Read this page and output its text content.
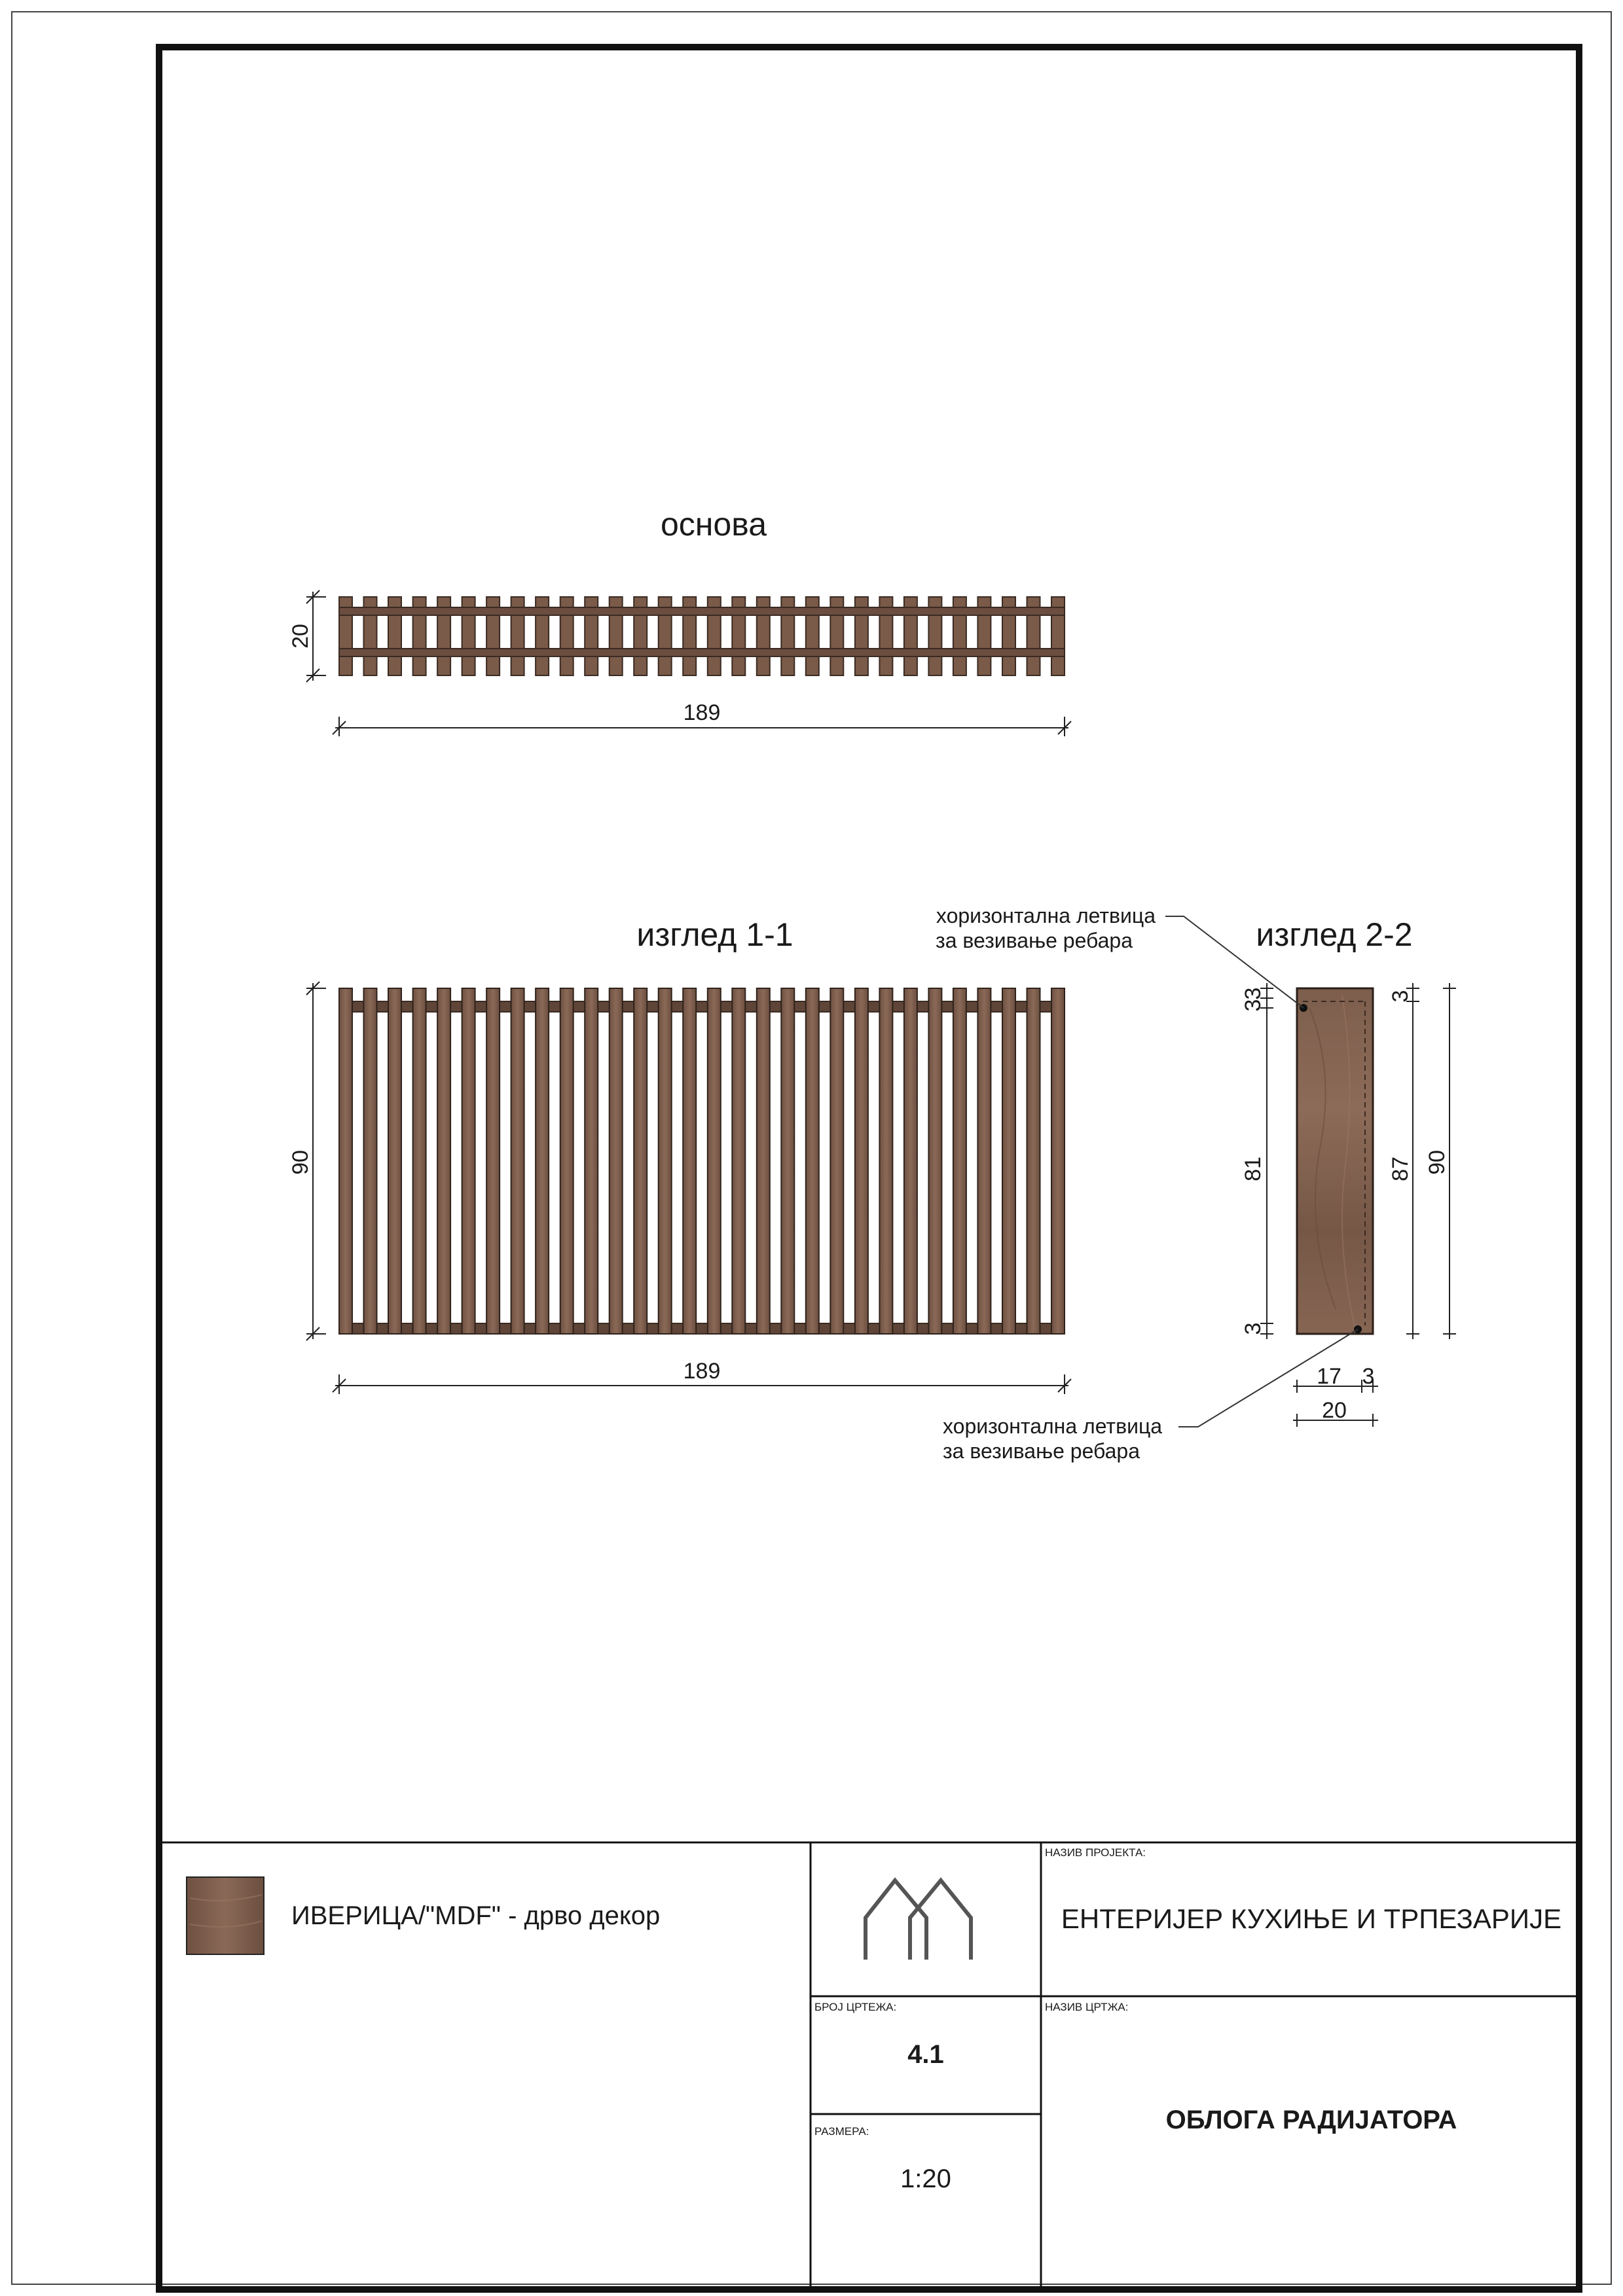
основа
189
20
изглед 1-1
189
90
изглед 2-2
3
3
81
3
3
87 90
17 3
20
хоризонтална летвица
за везивање ребара
хоризонтална летвица
за везивање ребара
ИВЕРИЦА/"MDF" - дрво декор
НАЗИВ ПРОЈЕКТА:
ЕНТЕРИЈЕР КУХИЊЕ И ТРПЕЗАРИЈЕ
БРОЈ ЦРТЕЖА:
4.1
НАЗИВ ЦРТЖА:
ОБЛОГА РАДИЈАТОРА
РАЗМЕРА:
1:20
